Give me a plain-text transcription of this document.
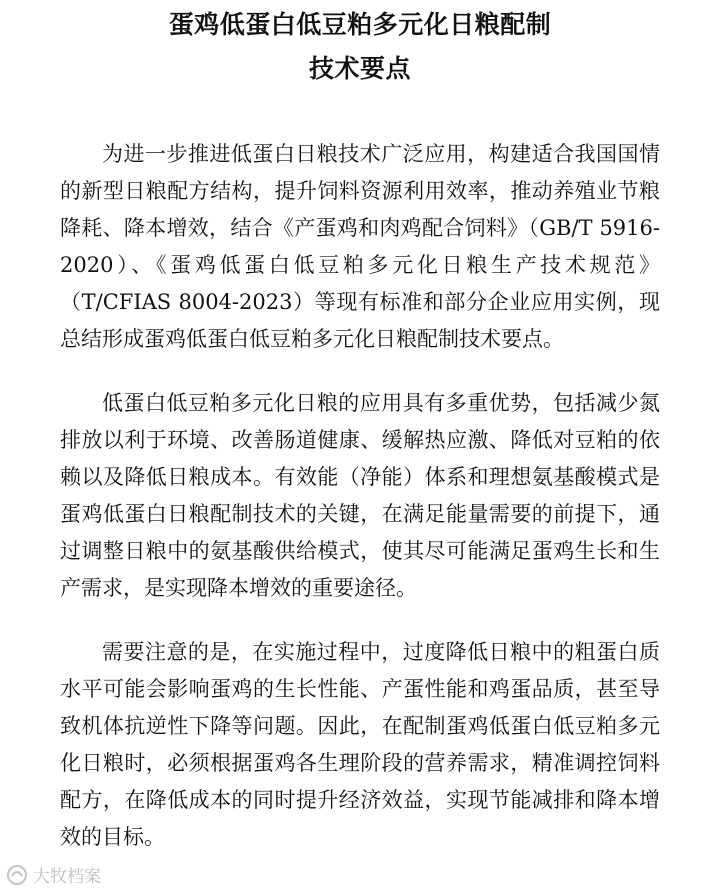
蛋鸡低蛋白低豆粕多元化日粮配制
技术要点

为进一步推进低蛋白日粮技术广泛应用，构建适合我国国情的新型日粮配方结构，提升饲料资源利用效率，推动养殖业节粮降耗、降本增效，结合《产蛋鸡和肉鸡配合饲料》（GB/T 5916-2020）、《蛋鸡低蛋白低豆粕多元化日粮生产技术规范》（T/CFIAS 8004-2023）等现有标准和部分企业应用实例，现总结形成蛋鸡低蛋白低豆粕多元化日粮配制技术要点。

低蛋白低豆粕多元化日粮的应用具有多重优势，包括减少氮排放以利于环境、改善肠道健康、缓解热应激、降低对豆粕的依赖以及降低日粮成本。有效能（净能）体系和理想氨基酸模式是蛋鸡低蛋白日粮配制技术的关键，在满足能量需要的前提下，通过调整日粮中的氨基酸供给模式，使其尽可能满足蛋鸡生长和生产需求，是实现降本增效的重要途径。

需要注意的是，在实施过程中，过度降低日粮中的粗蛋白质水平可能会影响蛋鸡的生长性能、产蛋性能和鸡蛋品质，甚至导致机体抗逆性下降等问题。因此，在配制蛋鸡低蛋白低豆粕多元化日粮时，必须根据蛋鸡各生理阶段的营养需求，精准调控饲料配方，在降低成本的同时提升经济效益，实现节能减排和降本增效的目标。

大牧档案
